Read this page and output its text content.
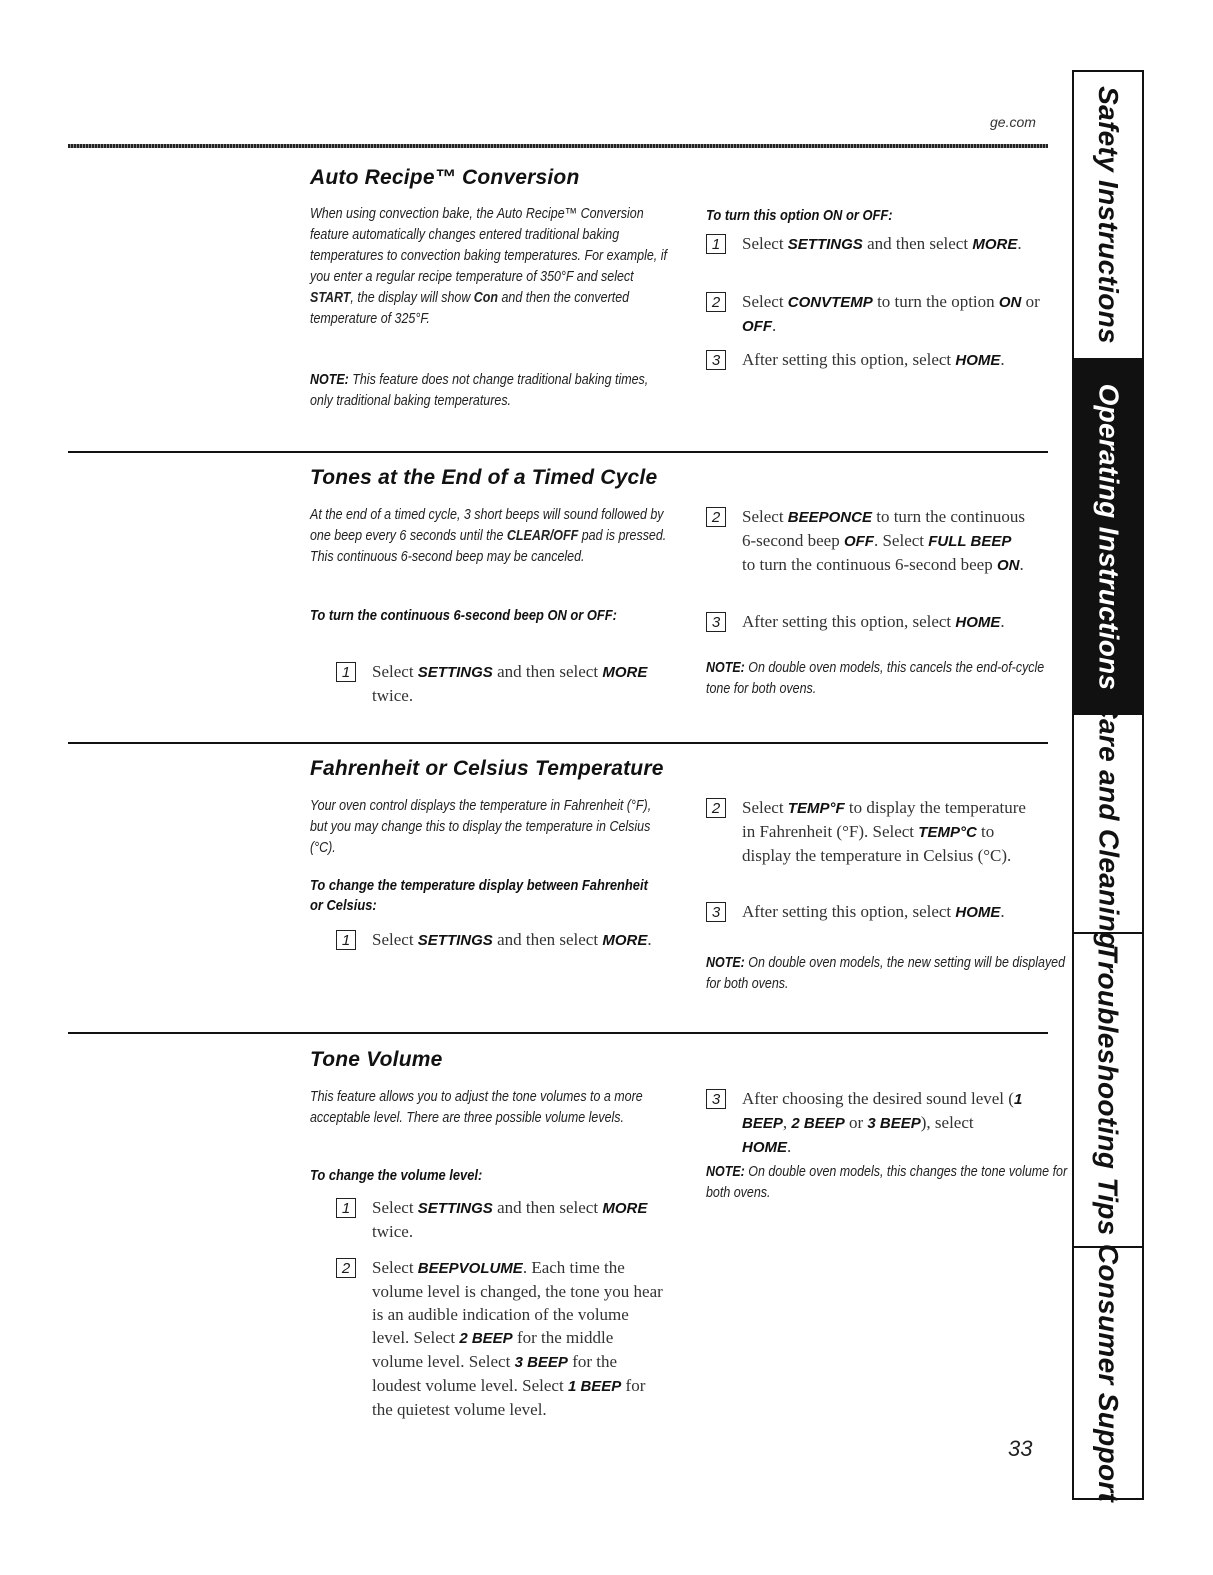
ge.com
Auto Recipe™ Conversion
When using convection bake, the Auto Recipe™ Conversion feature automatically changes entered traditional baking temperatures to convection baking temperatures. For example, if you enter a regular recipe temperature of 350°F and select START, the display will show Con and then the converted temperature of 325°F.
NOTE: This feature does not change traditional baking times, only traditional baking temperatures.
To turn this option ON or OFF:
1	Select SETTINGS and then select MORE.
2	Select CONVTEMP to turn the option ON or OFF.
3	After setting this option, select HOME.
Tones at the End of a Timed Cycle
At the end of a timed cycle, 3 short beeps will sound followed by one beep every 6 seconds until the CLEAR/OFF pad is pressed. This continuous 6-second beep may be canceled.
To turn the continuous 6-second beep ON or OFF:
1	Select SETTINGS and then select MORE twice.
2	Select BEEPONCE to turn the continuous 6-second beep OFF. Select FULL BEEP to turn the continuous 6-second beep ON.
3	After setting this option, select HOME.
NOTE: On double oven models, this cancels the end-of-cycle tone for both ovens.
Fahrenheit or Celsius Temperature
Your oven control displays the temperature in Fahrenheit (°F), but you may change this to display the temperature in Celsius (°C).
To change the temperature display between Fahrenheit or Celsius:
1	Select SETTINGS and then select MORE.
2	Select TEMP°F to display the temperature in Fahrenheit (°F). Select TEMP°C to display the temperature in Celsius (°C).
3	After setting this option, select HOME.
NOTE: On double oven models, the new setting will be displayed for both ovens.
Tone Volume
This feature allows you to adjust the tone volumes to a more acceptable level. There are three possible volume levels.
To change the volume level:
1	Select SETTINGS and then select MORE twice.
2	Select BEEPVOLUME. Each time the volume level is changed, the tone you hear is an audible indication of the volume level. Select 2 BEEP for the middle volume level. Select 3 BEEP for the loudest volume level. Select 1 BEEP for the quietest volume level.
3	After choosing the desired sound level (1 BEEP, 2 BEEP or 3 BEEP), select HOME.
NOTE: On double oven models, this changes the tone volume for both ovens.
33
Safety Instructions
Operating Instructions
Care and Cleaning
Troubleshooting Tips
Consumer Support
